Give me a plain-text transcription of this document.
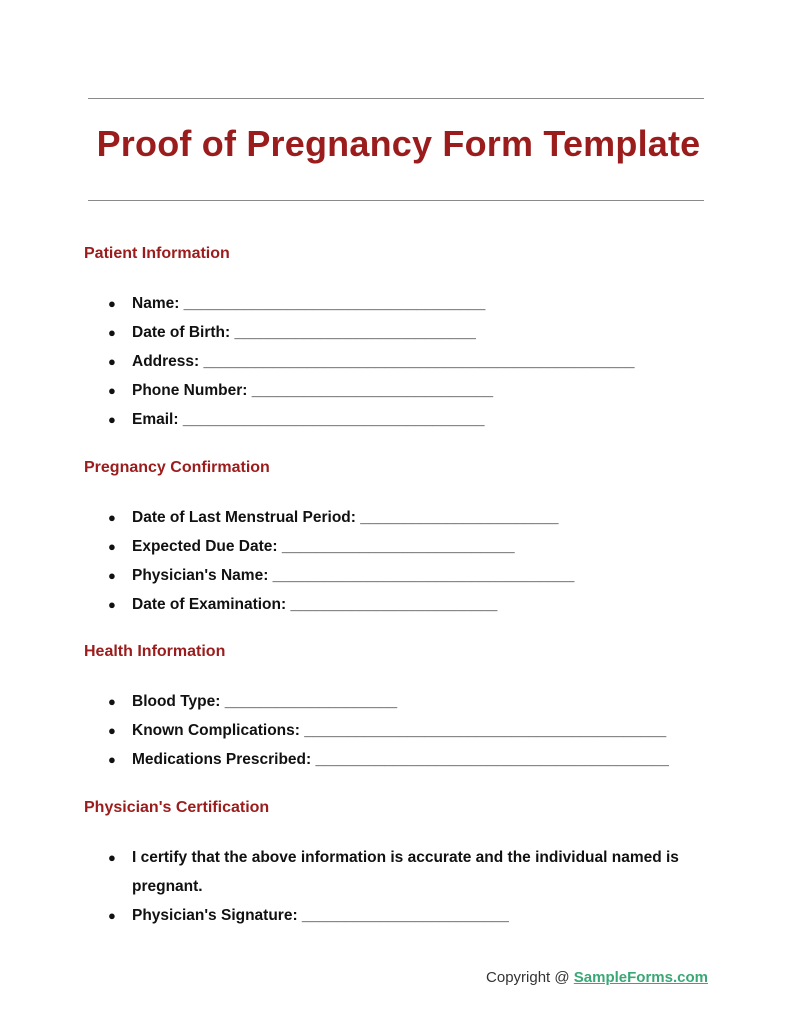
Proof of Pregnancy Form Template
Patient Information
● Name: ___________________________________
● Date of Birth: ____________________________
● Address: __________________________________________________
● Phone Number: ____________________________
● Email: ___________________________________
Pregnancy Confirmation
● Date of Last Menstrual Period: _______________________
● Expected Due Date: ___________________________
● Physician's Name: ___________________________________
● Date of Examination: ________________________
Health Information
● Blood Type: ____________________
● Known Complications: __________________________________________
● Medications Prescribed: _________________________________________
Physician's Certification
● I certify that the above information is accurate and the individual named is pregnant.
● Physician's Signature: ________________________
Copyright @ SampleForms.com
